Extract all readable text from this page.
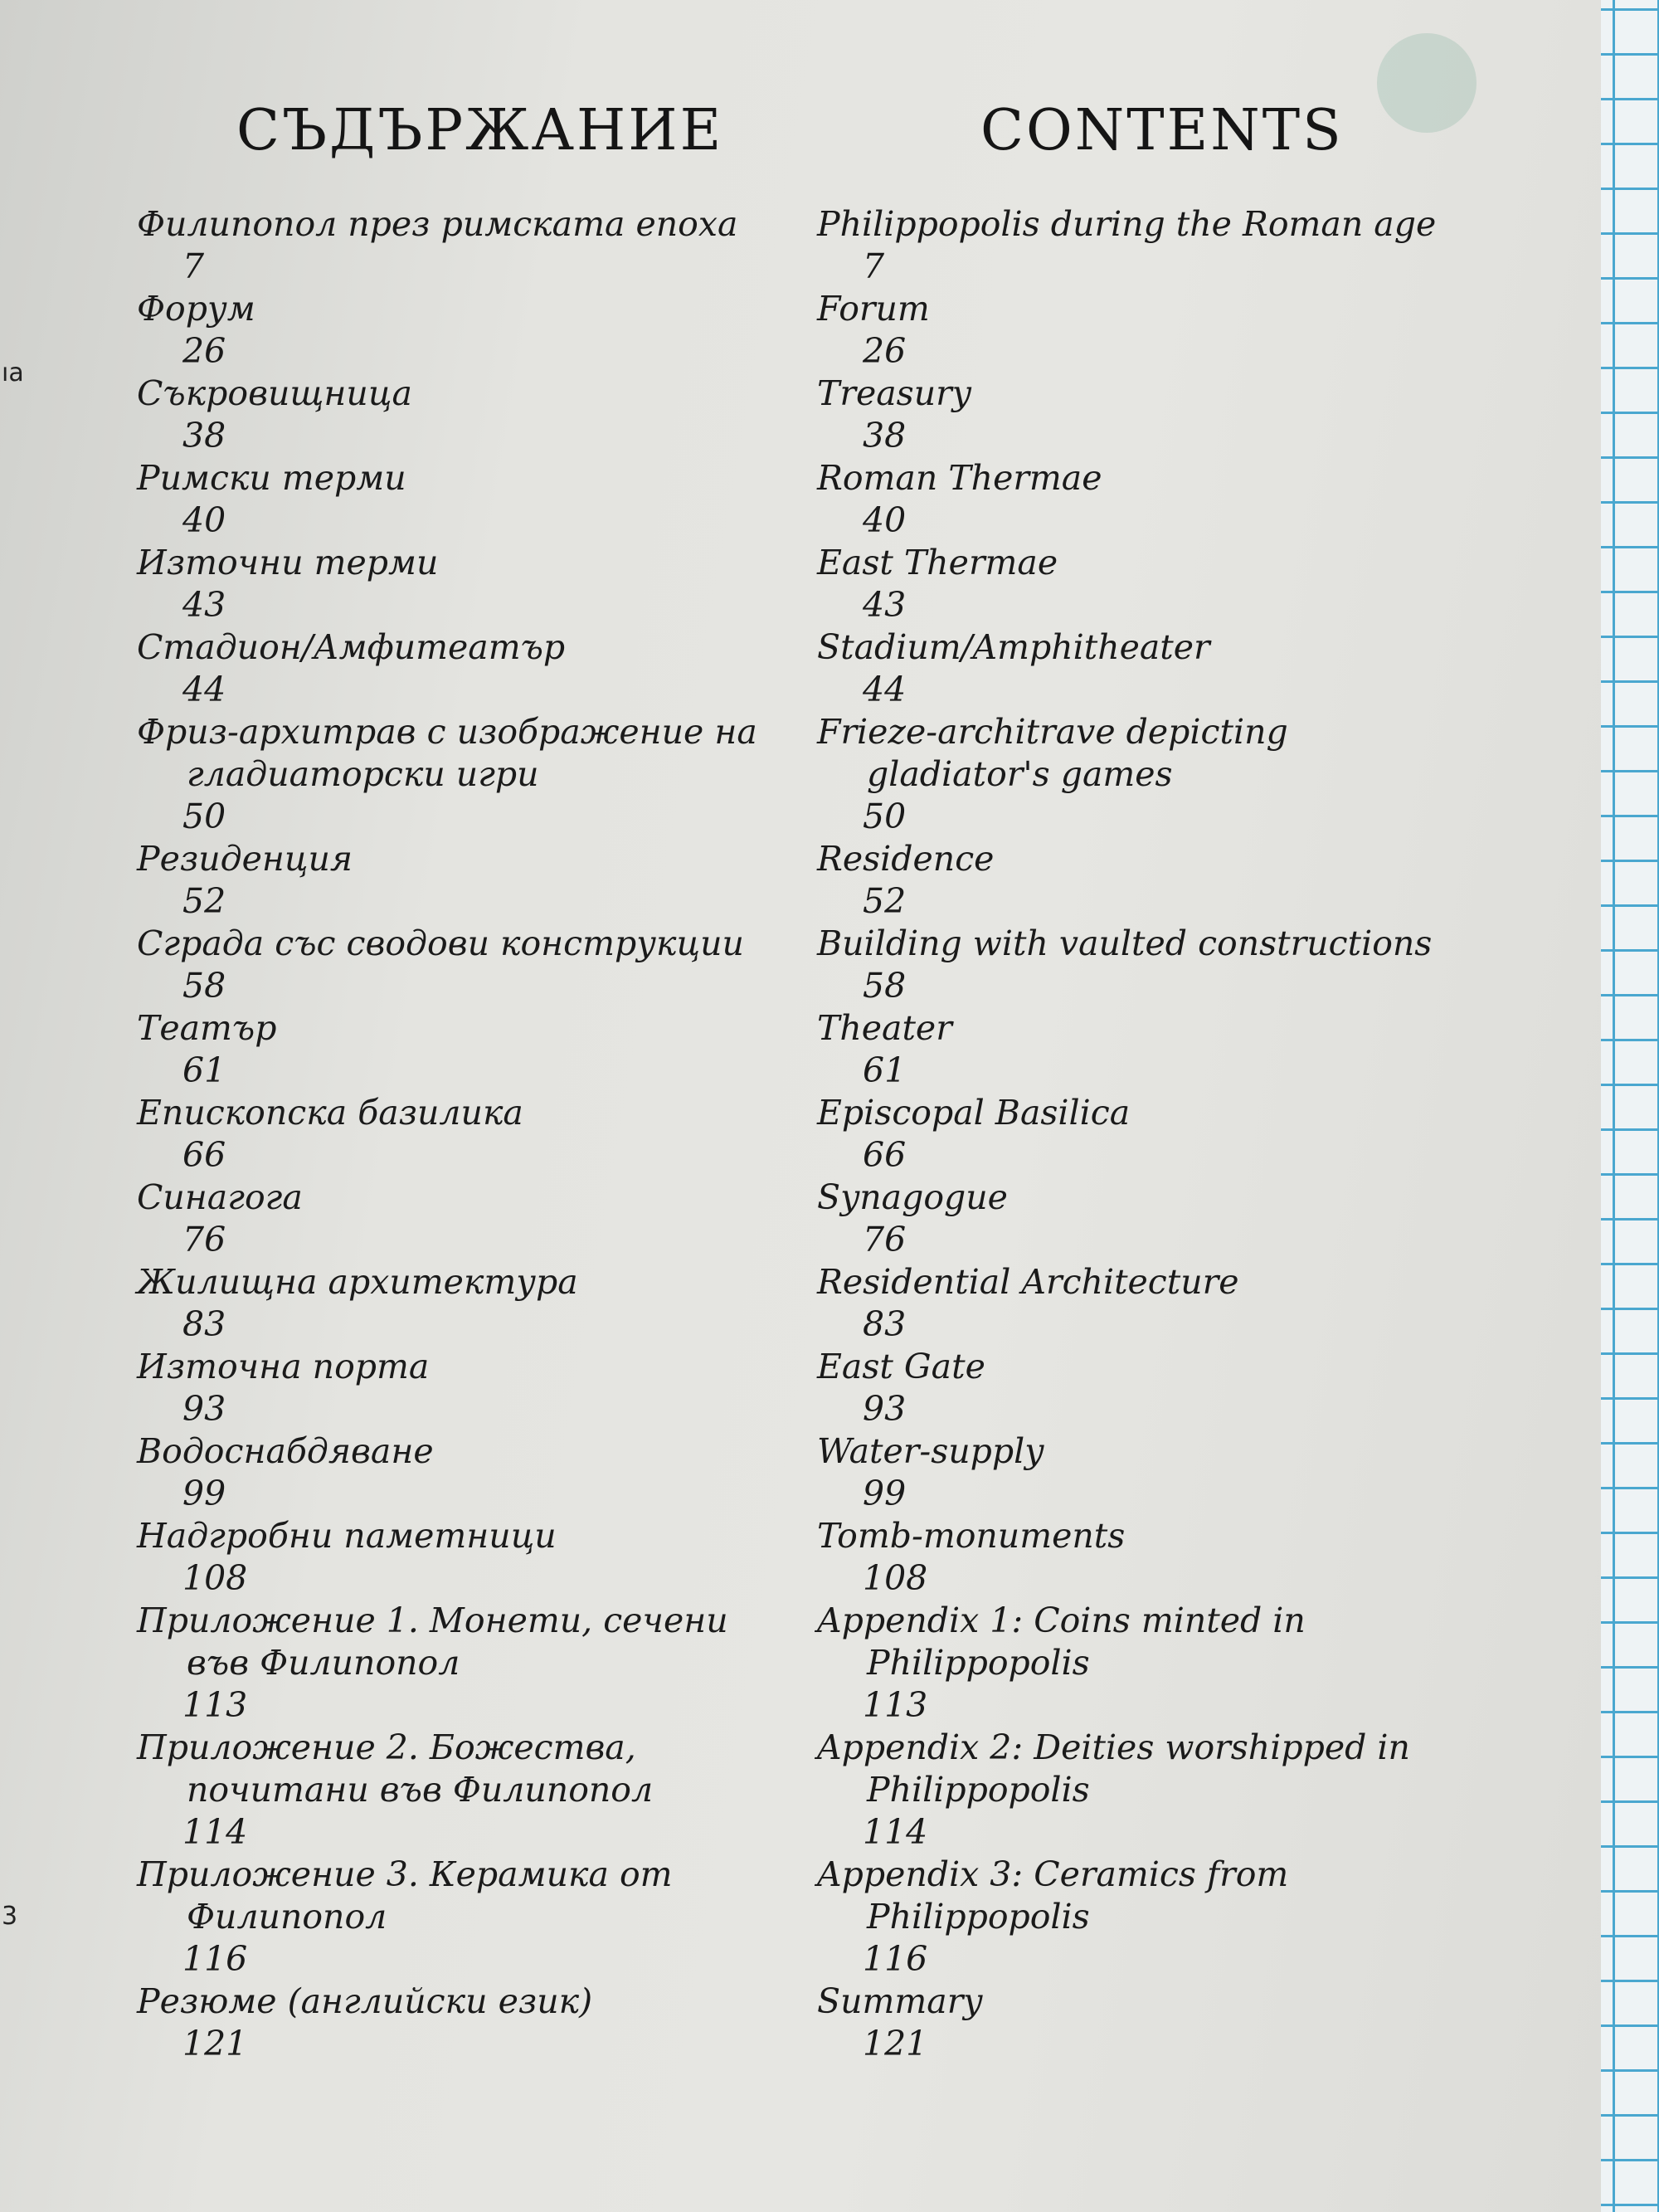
ıa
3
СЪДЪРЖАНИЕ	CONTENTS
Филипопол през римската епоха
7
Форум
26
Съкровищница
38
Римски терми
40
Източни терми
43
Стадион/Амфитеатър
44
Фриз-архитрав с изображение на
гладиаторски игри
50
Резиденция
52
Сграда със сводови конструкции
58
Театър
61
Епископска базилика
66
Синагога
76
Жилищна архитектура
83
Източна порта
93
Водоснабдяване
99
Надгробни паметници
108
Приложение 1. Монети, сечени
във Филипопол
113
Приложение 2. Божества,
почитани във Филипопол
114
Приложение 3. Керамика от
Филипопол
116
Резюме (английски език)
121
Philippopolis during the Roman age
7
Forum
26
Treasury
38
Roman Thermae
40
East Thermae
43
Stadium/Amphitheater
44
Frieze-architrave depicting
gladiator's games
50
Residence
52
Building with vaulted constructions
58
Theater
61
Episcopal Basilica
66
Synagogue
76
Residential Architecture
83
East Gate
93
Water-supply
99
Tomb-monuments
108
Appendix 1: Coins minted in
Philippopolis
113
Appendix 2: Deities worshipped in
Philippopolis
114
Appendix 3: Ceramics from
Philippopolis
116
Summary
121
